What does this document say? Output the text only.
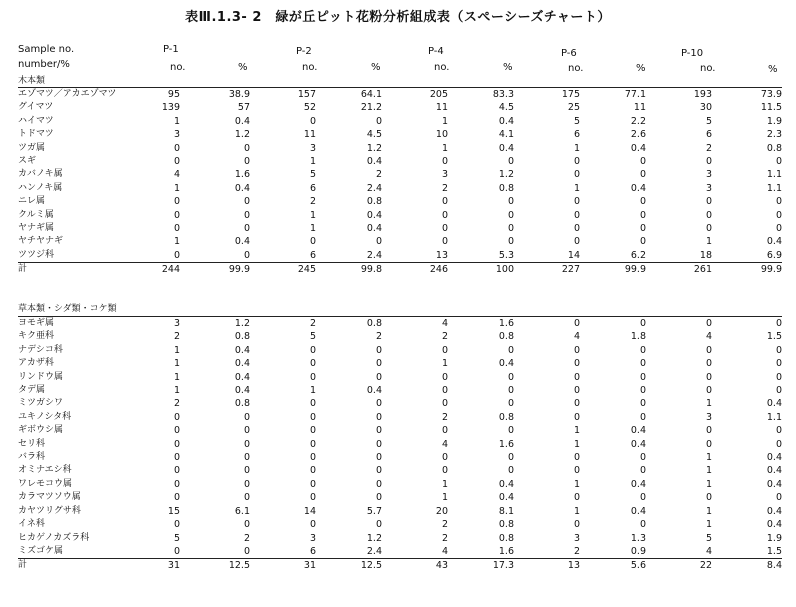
表Ⅲ.1.3- 2　緑が丘ピット花粉分析組成表（スペーシーズチャート）
Sample no.
number/%
P-1	P-2	P-4	P-6	P-10
no.	%	no.	%	no.	%	no.	%	no.	%
木本類
エゾマツ／アカエゾマツ	95	38.9	157	64.1	205	83.3	175	77.1	193	73.9
グイマツ	139	57	52	21.2	11	4.5	25	11	30	11.5
ハイマツ	1	0.4	0	0	1	0.4	5	2.2	5	1.9
トドマツ	3	1.2	11	4.5	10	4.1	6	2.6	6	2.3
ツガ属	0	0	3	1.2	1	0.4	1	0.4	2	0.8
スギ	0	0	1	0.4	0	0	0	0	0	0
カバノキ属	4	1.6	5	2	3	1.2	0	0	3	1.1
ハンノキ属	1	0.4	6	2.4	2	0.8	1	0.4	3	1.1
ニレ属	0	0	2	0.8	0	0	0	0	0	0
クルミ属	0	0	1	0.4	0	0	0	0	0	0
ヤナギ属	0	0	1	0.4	0	0	0	0	0	0
ヤチヤナギ	1	0.4	0	0	0	0	0	0	1	0.4
ツツジ科	0	0	6	2.4	13	5.3	14	6.2	18	6.9
計	244	99.9	245	99.8	246	100	227	99.9	261	99.9
草本類・シダ類・コケ類
ヨモギ属	3	1.2	2	0.8	4	1.6	0	0	0	0
キク亜科	2	0.8	5	2	2	0.8	4	1.8	4	1.5
ナデシコ科	1	0.4	0	0	0	0	0	0	0	0
アカザ科	1	0.4	0	0	1	0.4	0	0	0	0
リンドウ属	1	0.4	0	0	0	0	0	0	0	0
タデ属	1	0.4	1	0.4	0	0	0	0	0	0
ミツガシワ	2	0.8	0	0	0	0	0	0	1	0.4
ユキノシタ科	0	0	0	0	2	0.8	0	0	3	1.1
ギボウシ属	0	0	0	0	0	0	1	0.4	0	0
セリ科	0	0	0	0	4	1.6	1	0.4	0	0
バラ科	0	0	0	0	0	0	0	0	1	0.4
オミナエシ科	0	0	0	0	0	0	0	0	1	0.4
ワレモコウ属	0	0	0	0	1	0.4	1	0.4	1	0.4
カラマツソウ属	0	0	0	0	1	0.4	0	0	0	0
カヤツリグサ科	15	6.1	14	5.7	20	8.1	1	0.4	1	0.4
イネ科	0	0	0	0	2	0.8	0	0	1	0.4
ヒカゲノカズラ科	5	2	3	1.2	2	0.8	3	1.3	5	1.9
ミズゴケ属	0	0	6	2.4	4	1.6	2	0.9	4	1.5
計	31	12.5	31	12.5	43	17.3	13	5.6	22	8.4
